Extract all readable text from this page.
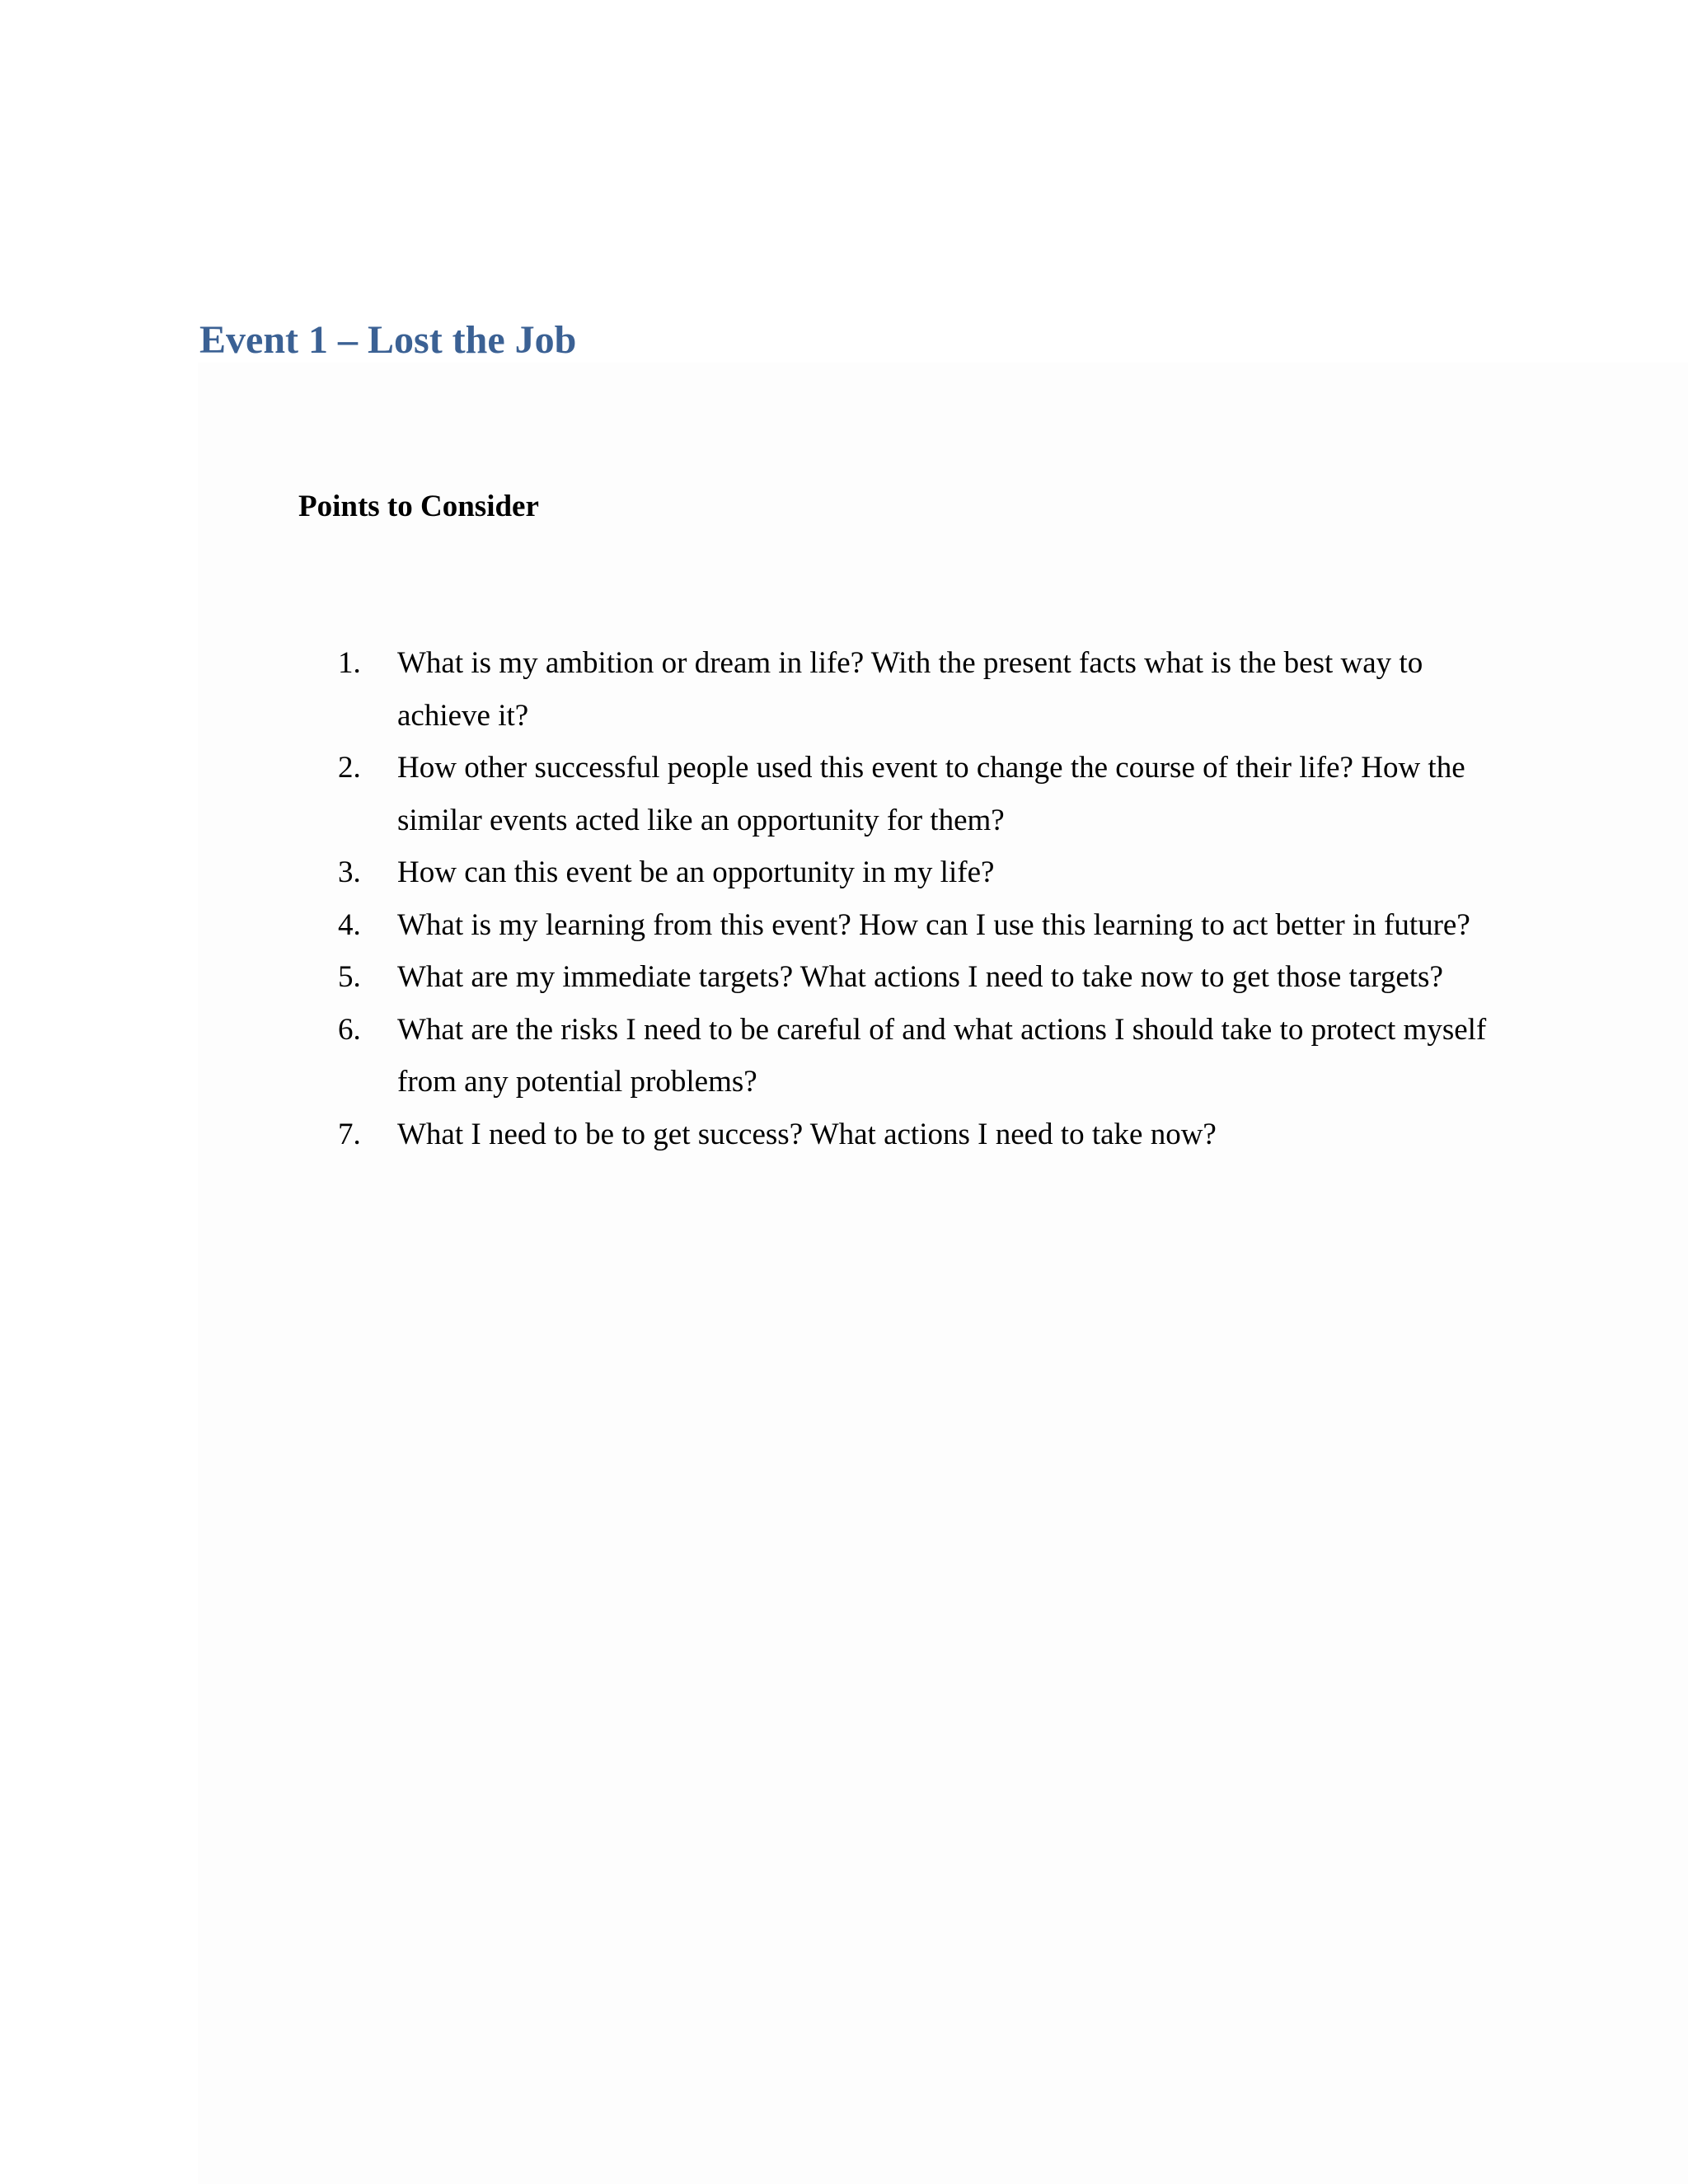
Event 1 – Lost the Job
Points to Consider
1.	What is my ambition or dream in life? With the present facts what is the best way to achieve it?
2.	How other successful people used this event to change the course of their life? How the similar events acted like an opportunity for them?
3.	How can this event be an opportunity in my life?
4.	What is my learning from this event? How can I use this learning to act better in future?
5.	What are my immediate targets? What actions I need to take now to get those targets?
6.	What are the risks I need to be careful of and what actions I should take to protect myself from any potential problems?
7.	What I need to be to get success? What actions I need to take now?
